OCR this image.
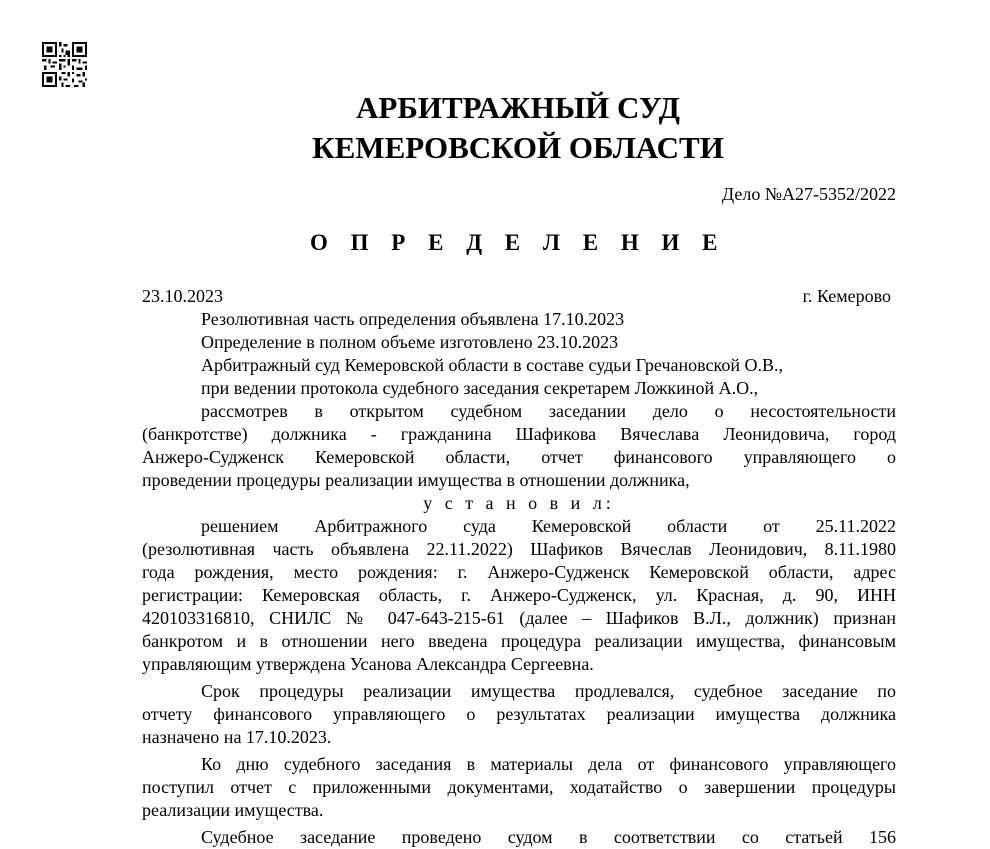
АРБИТРАЖНЫЙ СУД
КЕМЕРОВСКОЙ ОБЛАСТИ
Дело №А27-5352/2022
О П Р Е Д Е Л Е Н И Е
23.10.2023	г. Кемерово
Резолютивная часть определения объявлена 17.10.2023
Определение в полном объеме изготовлено 23.10.2023
Арбитражный суд Кемеровской области в составе судьи Гречановской О.В.,
при ведении протокола судебного заседания секретарем Ложкиной А.О.,
рассмотрев в открытом судебном заседании дело о несостоятельности
(банкротстве) должника - гражданина Шафикова Вячеслава Леонидовича, город
Анжеро-Судженск Кемеровской области, отчет финансового управляющего о
проведении процедуры реализации имущества в отношении должника,
у с т а н о в и л:
решением Арбитражного суда Кемеровской области от 25.11.2022
(резолютивная часть объявлена 22.11.2022) Шафиков Вячеслав Леонидович, 8.11.1980
года рождения, место рождения: г. Анжеро-Судженск Кемеровской области, адрес
регистрации: Кемеровская область, г. Анжеро-Судженск, ул. Красная, д. 90, ИНН
420103316810, СНИЛС № 047-643-215-61 (далее – Шафиков В.Л., должник) признан
банкротом и в отношении него введена процедура реализации имущества, финансовым
управляющим утверждена Усанова Александра Сергеевна.
Срок процедуры реализации имущества продлевался, судебное заседание по
отчету финансового управляющего о результатах реализации имущества должника
назначено на 17.10.2023.
Ко дню судебного заседания в материалы дела от финансового управляющего
поступил отчет с приложенными документами, ходатайство о завершении процедуры
реализации имущества.
Судебное заседание проведено судом в соответствии со статьей 156
